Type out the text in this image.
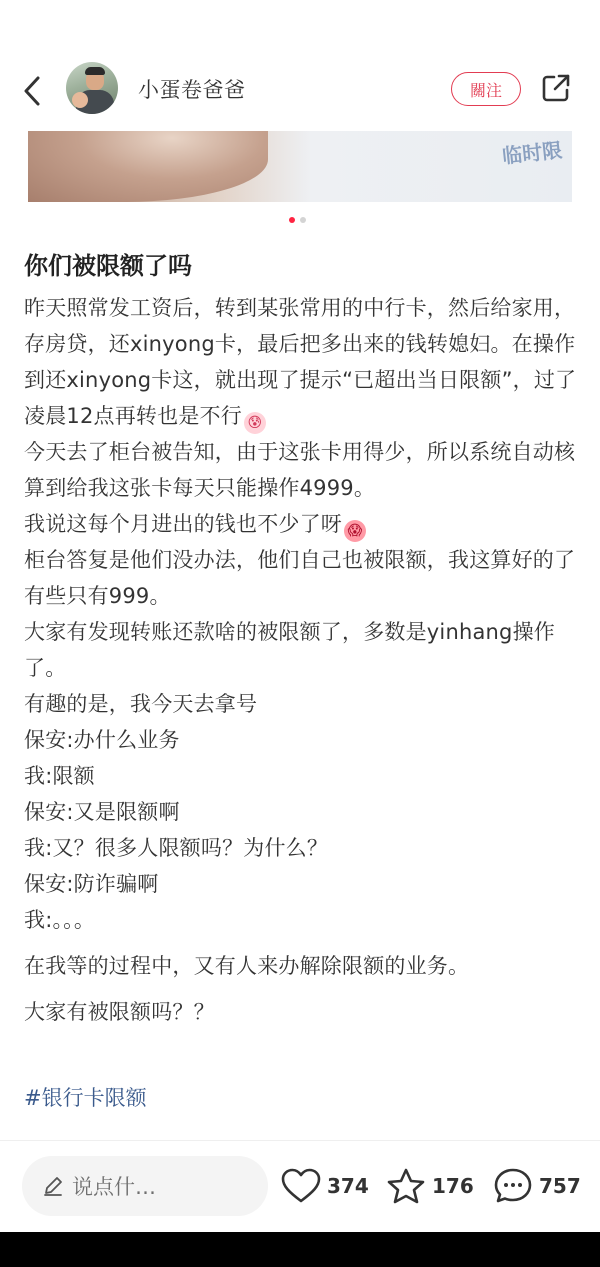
小蛋卷爸爸	關注
临时限
你们被限额了吗

昨天照常发工资后，转到某张常用的中行卡，然后给家用，存房贷，还xinyong卡，最后把多出来的钱转媳妇。在操作到还xinyong卡这，就出现了提示“已超出当日限额”，过了凌晨12点再转也是不行 😰

今天去了柜台被告知，由于这张卡用得少，所以系统自动核算到给我这张卡每天只能操作4999。

我说这每个月进出的钱也不少了呀 😱

柜台答复是他们没办法，他们自己也被限额，我这算好的了有些只有999。

大家有发现转账还款啥的被限额了，多数是yinhang操作了。

有趣的是，我今天去拿号

保安:办什么业务

我:限额

保安:又是限额啊

我:又？很多人限额吗？为什么？

保安:防诈骗啊

我:。。。

在我等的过程中，又有人来办解除限额的业务。

大家有被限额吗？？

#银行卡限额
说点什…	374	176	757
